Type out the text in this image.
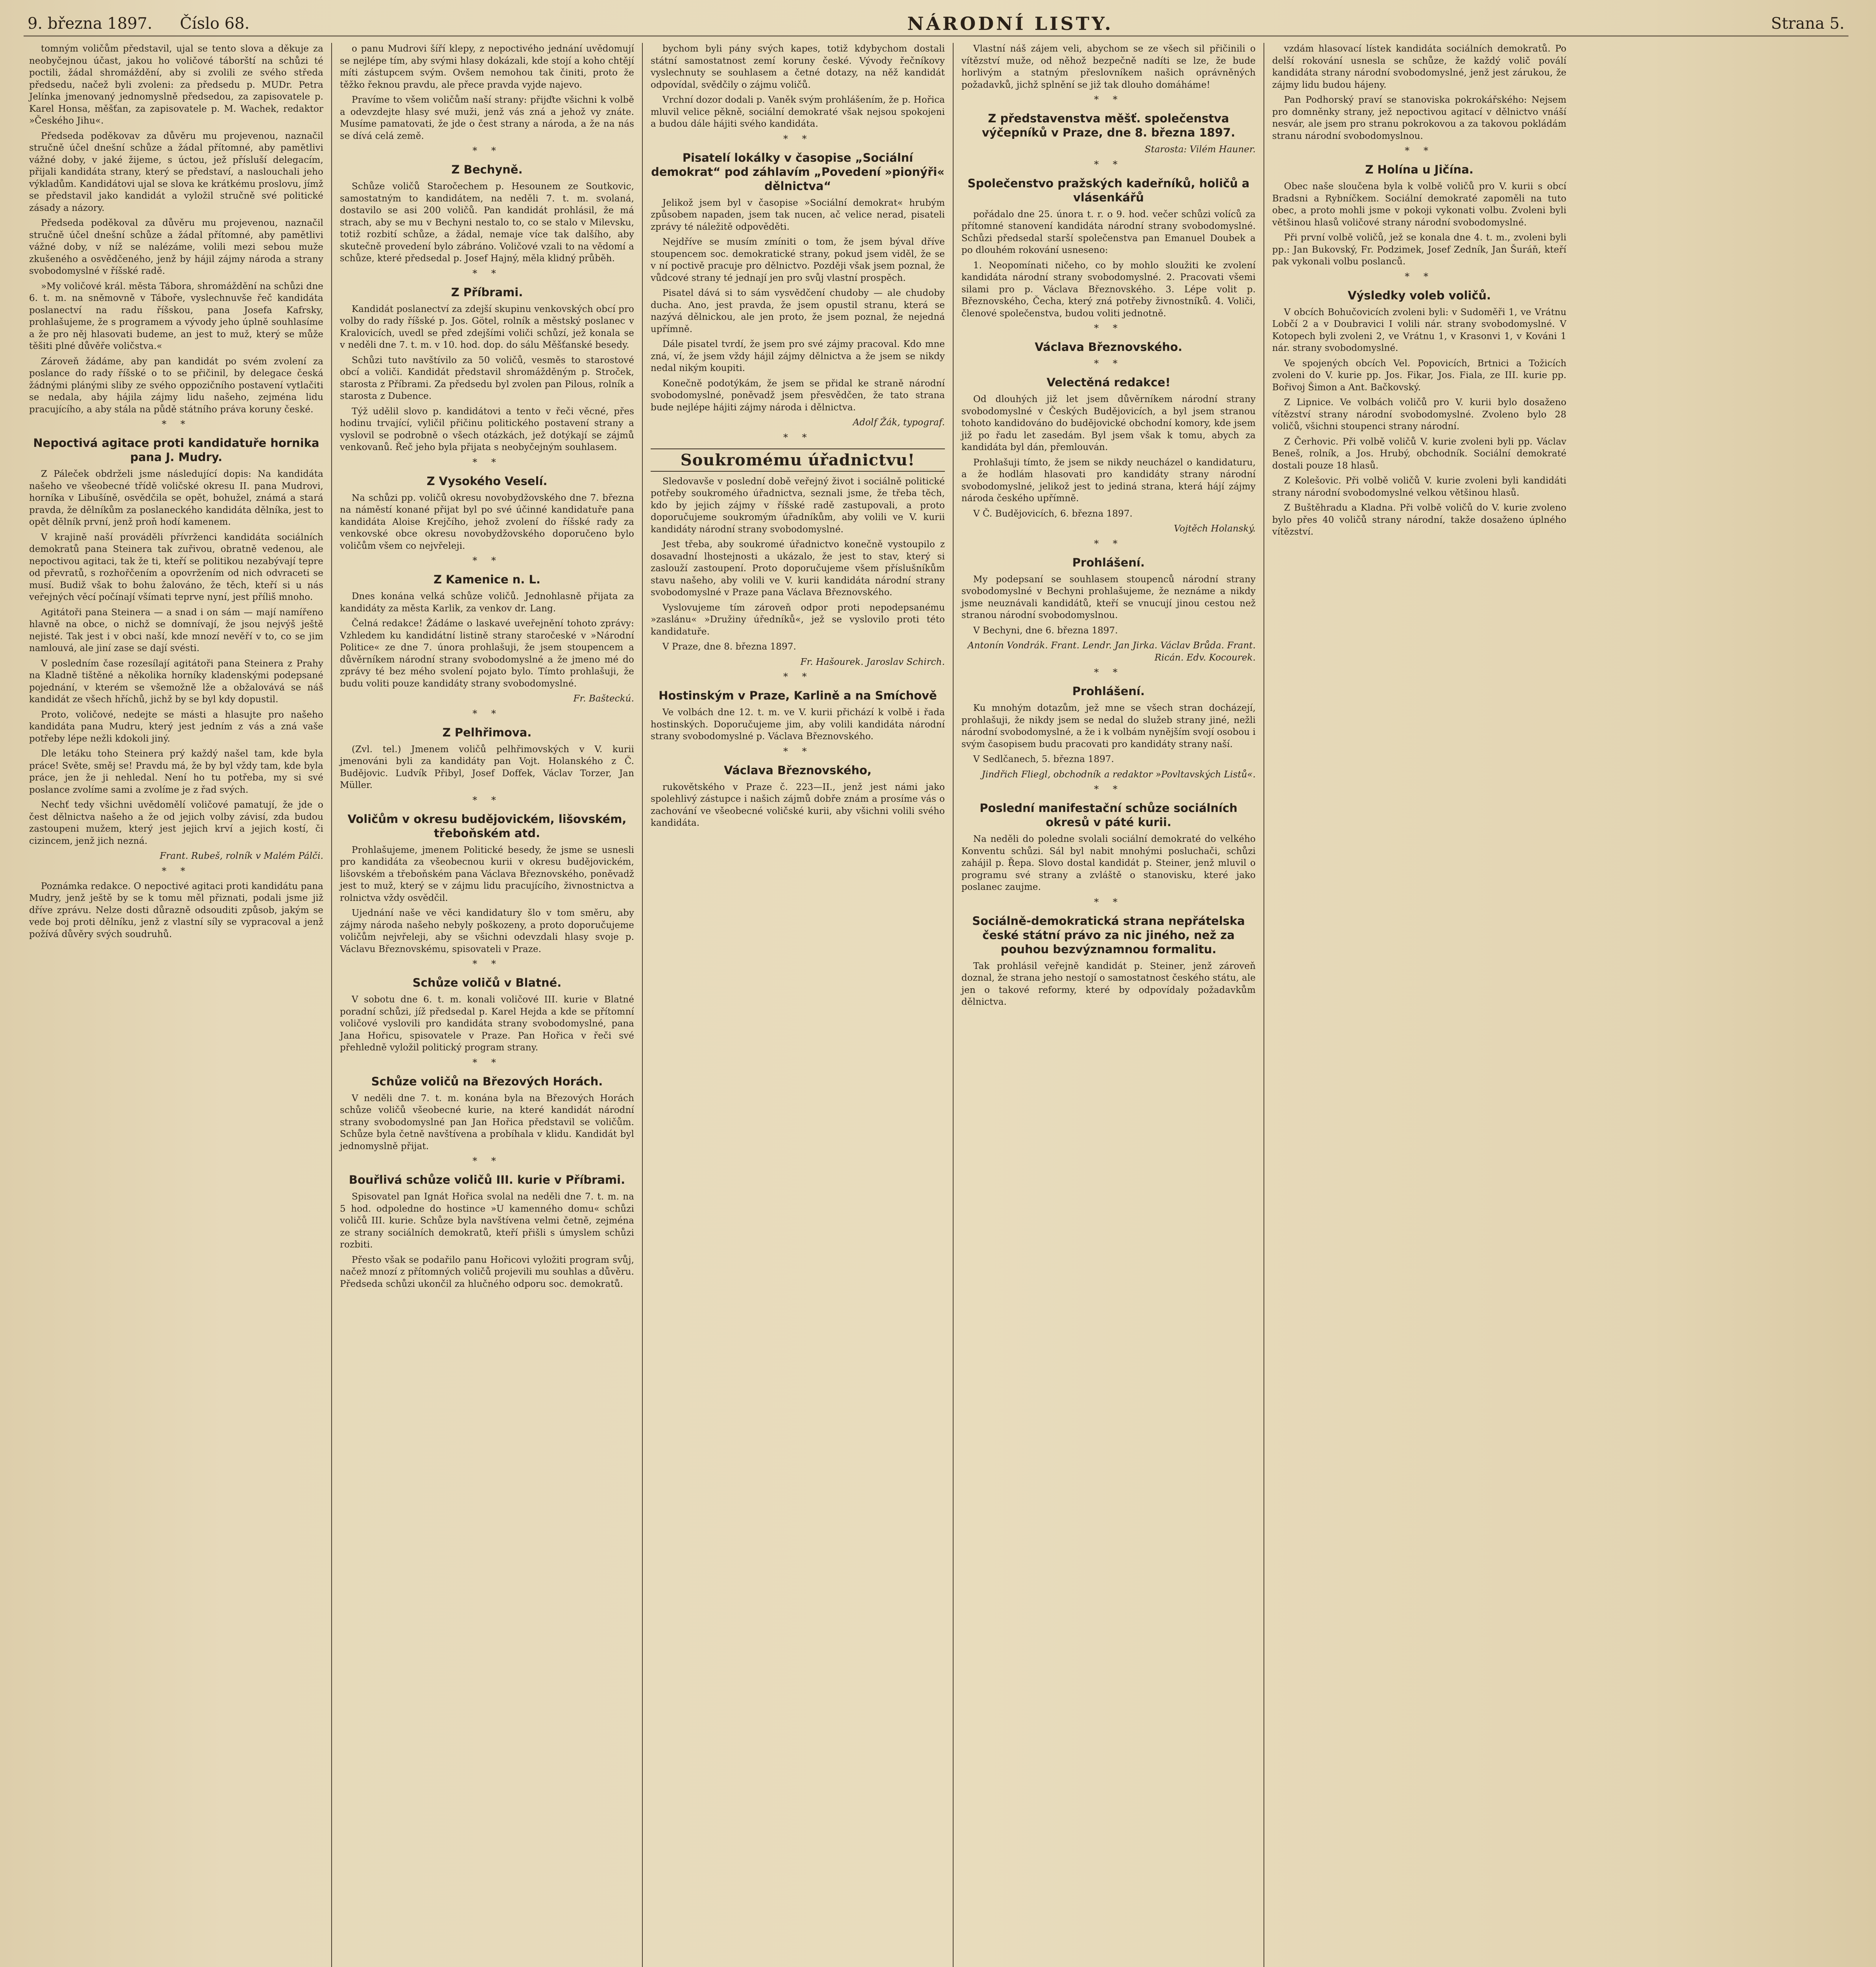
9. března 1897. Číslo 68.	NÁRODNÍ LISTY.	Strana 5.

tomným voličům představil, ujal se tento slova a děkuje za neobyčejnou účast, jakou ho voličové táborští na schůzi té poctili, žádal shromáždění, aby si zvolili ze svého středa předsedu, načež byli zvoleni: za předsedu p. MUDr. Petra Jelínka jmenovaný jednomyslně předsedou, za zapisovatele p. Karel Honsa, měšťan, za zapisovatele p. M. Wachek, redaktor »Českého Jihu«.

Předseda poděkovav za důvěru mu projevenou, naznačil stručně účel dnešní schůze a žádal přítomné, aby pamětlivi vážné doby, v jaké žijeme, s úctou, jež přísluší delegacím, přijali kandidáta strany, který se představí, a naslouchali jeho výkladům. Kandidátovi ujal se slova ke krátkému proslovu, jímž se představil jako kandidát a vyložil stručně své politické zásady a názory.

Předseda poděkoval za důvěru mu projevenou, naznačil stručně účel dnešní schůze a žádal přítomné, aby pamětlivi vážné doby, v níž se nalézáme, volili mezi sebou muže zkušeného a osvědčeného, jenž by hájil zájmy národa a strany svobodomyslné v říšské radě.

»My voličové král. města Tábora, shromáždění na schůzi dne 6. t. m. na sněmovně v Táboře, vyslechnuvše řeč kandidáta poslanectví na radu říšskou, pana Josefa Kafrsky, prohlašujeme, že s programem a vývody jeho úplně souhlasíme a že pro něj hlasovati budeme, an jest to muž, který se může těšiti plné důvěře voličstva.«

Zároveň žádáme, aby pan kandidát po svém zvolení za poslance do rady říšské o to se přičinil, by delegace česká žádnými plánými sliby ze svého oppozičního postavení vytlačiti se nedala, aby hájila zájmy lidu našeho, zejména lidu pracujícího, a aby stála na půdě státního práva koruny české.

* *
Nepoctivá agitace proti kandidatuře hornika pana J. Mudry.

Z Páleček obdrželi jsme následující dopis: Na kandidáta našeho ve všeobecné třídě voličské okresu II. pana Mudrovi, horníka v Libušíně, osvědčila se opět, bohužel, známá a stará pravda, že dělníkům za poslaneckého kandidáta dělníka, jest to opět dělník první, jenž proň hodí kamenem.

V krajině naší prováděli přívrženci kandidáta sociálních demokratů pana Steinera tak zuřivou, obratně vedenou, ale nepoctivou agitaci, tak že ti, kteří se politikou nezabývají tepre od převratů, s rozhořčením a opovržením od nich odvraceti se musí. Budiž však to bohu žalováno, že těch, kteří si u nás veřejných věcí počínají všímati teprve nyní, jest příliš mnoho.

Agitátoři pana Steinera — a snad i on sám — mají namířeno hlavně na obce, o nichž se domnívají, že jsou nejvýš ještě nejisté. Tak jest i v obci naší, kde mnozí nevěří v to, co se jim namlouvá, ale jiní zase se dají svésti.

V posledním čase rozesílají agitátoři pana Steinera z Prahy na Kladně tištěné a několika horníky kladenskými podepsané pojednání, v kterém se všemožně lže a obžalovává se náš kandidát ze všech hříchů, jichž by se byl kdy dopustil.

Proto, voličové, nedejte se másti a hlasujte pro našeho kandidáta pana Mudru, který jest jedním z vás a zná vaše potřeby lépe nežli kdokoli jiný.

Dle letáku toho Steinera prý každý našel tam, kde byla práce! Světe, směj se! Pravdu má, že by byl vždy tam, kde byla práce, jen že ji nehledal. Není ho tu potřeba, my si své poslance zvolíme sami a zvolíme je z řad svých.

Nechť tedy všichni uvědomělí voličové pamatují, že jde o čest dělnictva našeho a že od jejich volby závisí, zda budou zastoupeni mužem, který jest jejich krví a jejich kostí, či cizincem, jenž jich nezná.

Frant. Rubeš, rolník v Malém Pálči.

* *

Poznámka redakce. O nepoctivé agitaci proti kandidátu pana Mudry, jenž ještě by se k tomu měl přiznati, podali jsme již dříve zprávu. Nelze dosti důrazně odsouditi způsob, jakým se vede boj proti dělníku, jenž z vlastní síly se vypracoval a jenž požívá důvěry svých soudruhů.

o panu Mudrovi šíří klepy, z nepoctivého jednání uvědomují se nejlépe tím, aby svými hlasy dokázali, kde stojí a koho chtějí míti zástupcem svým. Ovšem nemohou tak činiti, proto že těžko řeknou pravdu, ale přece pravda vyjde najevo.

Pravíme to všem voličům naší strany: přijďte všichni k volbě a odevzdejte hlasy své muži, jenž vás zná a jehož vy znáte. Musíme pamatovati, že jde o čest strany a národa, a že na nás se dívá celá země.

* *
Z Bechyně.

Schůze voličů Staročechem p. Hesounem ze Soutkovic, samostatným to kandidátem, na neděli 7. t. m. svolaná, dostavilo se asi 200 voličů. Pan kandidát prohlásil, že má strach, aby se mu v Bechyni nestalo to, co se stalo v Milevsku, totiž rozbití schůze, a žádal, nemaje více tak dalšího, aby skutečně provedení bylo zábráno. Voličové vzali to na vědomí a schůze, které předsedal p. Josef Hajný, měla klidný průběh.

* *
Z Příbrami.

Kandidát poslanectví za zdejší skupinu venkovských obcí pro volby do rady říšské p. Jos. Götel, rolník a městský poslanec v Kralovicích, uvedl se před zdejšími voliči schůzí, jež konala se v neděli dne 7. t. m. v 10. hod. dop. do sálu Měšťanské besedy.

Schůzi tuto navštívilo za 50 voličů, vesměs to starostové obcí a voliči. Kandidát představil shromážděným p. Stroček, starosta z Příbrami. Za předsedu byl zvolen pan Pilous, rolník a starosta z Dubence.

Týž udělil slovo p. kandidátovi a tento v řeči věcné, přes hodinu trvající, vyličil přičinu politického postavení strany a vyslovil se podrobně o všech otázkách, jež dotýkají se zájmů venkovanů. Řeč jeho byla přijata s neobyčejným souhlasem.

* *
Z Vysokého Veselí.

Na schůzi pp. voličů okresu novobydžovského dne 7. března na náměstí konané přijat byl po své účinné kandidatuře pana kandidáta Aloise Krejčího, jehož zvolení do říšské rady za venkovské obce okresu novobydžovského doporučeno bylo voličům všem co nejvřeleji.

* *
Z Kamenice n. L.

Dnes konána velká schůze voličů. Jednohlasně přijata za kandidáty za města Karlik, za venkov dr. Lang.

Čelná redakce! Žádáme o laskavé uveřejnění tohoto zprávy: Vzhledem ku kandidátní listině strany staročeské v »Národní Politice« ze dne 7. února prohlašuji, že jsem stoupencem a důvěrníkem národní strany svobodomyslné a že jmeno mé do zprávy té bez mého svolení pojato bylo. Tímto prohlašuji, že budu voliti pouze kandidáty strany svobodomyslné.

Fr. Bašteckú.

* *
Z Pelhřimova.

(Zvl. tel.) Jmenem voličů pelhřimovských v V. kurii jmenováni byli za kandidáty pan Vojt. Holanského z Č. Budějovic. Ludvík Přibyl, Josef Doffek, Václav Torzer, Jan Müller.

* *
Voličům v okresu budějovickém, lišovském, třeboňském atd.

Prohlašujeme, jmenem Politické besedy, že jsme se usnesli pro kandidáta za všeobecnou kurii v okresu budějovickém, lišovském a třeboňském pana Václava Březnovského, poněvadž jest to muž, který se v zájmu lidu pracujícího, živnostnictva a rolnictva vždy osvědčil.

Ujednání naše ve věci kandidatury šlo v tom směru, aby zájmy národa našeho nebyly poškozeny, a proto doporučujeme voličům nejvřeleji, aby se všichni odevzdali hlasy svoje p. Václavu Březnovskému, spisovateli v Praze.

* *
Schůze voličů v Blatné.

V sobotu dne 6. t. m. konali voličové III. kurie v Blatné poradní schůzi, jíž předsedal p. Karel Hejda a kde se přítomní voličové vyslovili pro kandidáta strany svobodomyslné, pana Jana Hořicu, spisovatele v Praze. Pan Hořica v řeči své přehledně vyložil politický program strany.

* *
Schůze voličů na Březových Horách.

V neděli dne 7. t. m. konána byla na Březových Horách schůze voličů všeobecné kurie, na které kandidát národní strany svobodomyslné pan Jan Hořica představil se voličům. Schůze byla četně navštívena a probíhala v klidu. Kandidát byl jednomyslně přijat.

* *
Bouřlivá schůze voličů III. kurie v Příbrami.

Spisovatel pan Ignát Hořica svolal na neděli dne 7. t. m. na 5 hod. odpoledne do hostince »U kamenného domu« schůzi voličů III. kurie. Schůze byla navštívena velmi četně, zejména ze strany sociálních demokratů, kteří přišli s úmyslem schůzi rozbiti.

Přesto však se podařilo panu Hořicovi vyložiti program svůj, načež mnozí z přítomných voličů projevili mu souhlas a důvěru. Předseda schůzi ukončil za hlučného odporu soc. demokratů.

bychom byli pány svých kapes, totiž kdybychom dostali státní samostatnost zemí koruny české. Vývody řečníkovy vyslechnuty se souhlasem a četné dotazy, na něž kandidát odpovídal, svědčily o zájmu voličů.

Vrchní dozor dodali p. Vaněk svým prohlášením, že p. Hořica mluvil velice pěkně, sociální demokraté však nejsou spokojeni a budou dále hájiti svého kandidáta.

* *
Pisatelí lokálky v časopise „Sociální demokrat“ pod záhlavím „Povedení »pionýři« dělnictva“

Jelikož jsem byl v časopise »Sociální demokrat« hrubým způsobem napaden, jsem tak nucen, ač velice nerad, pisateli zprávy té náležitě odpověděti.

Nejdříve se musím zmíniti o tom, že jsem býval dříve stoupencem soc. demokratické strany, pokud jsem viděl, že se v ní poctivě pracuje pro dělnictvo. Později však jsem poznal, že vůdcové strany té jednají jen pro svůj vlastní prospěch.

Pisatel dává si to sám vysvědčení chudoby — ale chudoby ducha. Ano, jest pravda, že jsem opustil stranu, která se nazývá dělnickou, ale jen proto, že jsem poznal, že nejedná upřímně.

Dále pisatel tvrdí, že jsem pro své zájmy pracoval. Kdo mne zná, ví, že jsem vždy hájil zájmy dělnictva a že jsem se nikdy nedal nikým koupiti.

Konečně podotýkám, že jsem se přidal ke straně národní svobodomyslné, poněvadž jsem přesvědčen, že tato strana bude nejlépe hájiti zájmy národa i dělnictva.

Adolf Žák, typograf.

* *
Soukromému úřadnictvu!

Sledovavše v poslední době veřejný život i sociálně politické potřeby soukromého úřadnictva, seznali jsme, že třeba těch, kdo by jejich zájmy v říšské radě zastupovali, a proto doporučujeme soukromým úřadníkům, aby volili ve V. kurii kandidáty národní strany svobodomyslné.

Jest třeba, aby soukromé úřadnictvo konečně vystoupilo z dosavadní lhostejnosti a ukázalo, že jest to stav, který si zaslouží zastoupení. Proto doporučujeme všem příslušníkům stavu našeho, aby volili ve V. kurii kandidáta národní strany svobodomyslné v Praze pana Václava Březnovského.

Vyslovujeme tím zároveň odpor proti nepodepsanému »zaslánu« »Družiny úředníků«, jež se vyslovilo proti této kandidatuře.

V Praze, dne 8. března 1897.

Fr. Hašourek. Jaroslav Schirch.

* *
Hostinským v Praze, Karlině a na Smíchově

Ve volbách dne 12. t. m. ve V. kurii přichází k volbě i řada hostinských. Doporučujeme jim, aby volili kandidáta národní strany svobodomyslné p. Václava Březnovského.

* *
Václava Březnovského,

rukovětského v Praze č. 223—II., jenž jest námi jako spolehlivý zástupce i našich zájmů dobře znám a prosíme vás o zachování ve všeobecné voličské kurii, aby všichni volili svého kandidáta.

Vlastní náš zájem veli, abychom se ze všech sil přičinili o vítězství muže, od něhož bezpečně nadíti se lze, že bude horlivým a statným přeslovníkem našich oprávněných požadavků, jichž splnění se již tak dlouho domáháme!

* *
Z představenstva měšť. společenstva výčepníků v Praze, dne 8. března 1897.

Starosta: Vilém Hauner.

* *
Společenstvo pražských kadeřníků, holičů a vlásenkářů

pořádalo dne 25. února t. r. o 9. hod. večer schůzi volíců za přítomné stanovení kandidáta národní strany svobodomyslné. Schůzi předsedal starší společenstva pan Emanuel Doubek a po dlouhém rokování usneseno:

1. Neopomínati ničeho, co by mohlo sloužiti ke zvolení kandidáta národní strany svobodomyslné. 2. Pracovati všemi silami pro p. Václava Březnovského. 3. Lépe volit p. Březnovského, Čecha, který zná potřeby živnostníků. 4. Voliči, členové společenstva, budou voliti jednotně.

* *
Václava Březnovského.
* *
Velectěná redakce!

Od dlouhých již let jsem důvěrníkem národní strany svobodomyslné v Českých Budějovicích, a byl jsem stranou tohoto kandidováno do budějovické obchodní komory, kde jsem již po řadu let zasedám. Byl jsem však k tomu, abych za kandidáta byl dán, přemlouván.

Prohlašuji tímto, že jsem se nikdy neucházel o kandidaturu, a že hodlám hlasovati pro kandidáty strany národní svobodomyslné, jelikož jest to jediná strana, která hájí zájmy národa českého upřímně.

V Č. Budějovicích, 6. března 1897.

Vojtěch Holanský.

* *
Prohlášení.

My podepsaní se souhlasem stoupenců národní strany svobodomyslné v Bechyni prohlašujeme, že neznáme a nikdy jsme neuznávali kandidátů, kteří se vnucují jinou cestou než stranou národní svobodomyslnou.

V Bechyni, dne 6. března 1897.

Antonín Vondrák. Frant. Lendr. Jan Jirka. Václav Brůda. Frant. Ricán. Edv. Kocourek.

* *
Prohlášení.

Ku mnohým dotazům, jež mne se všech stran docházejí, prohlašuji, že nikdy jsem se nedal do služeb strany jiné, nežli národní svobodomyslné, a že i k volbám nynějším svojí osobou i svým časopisem budu pracovati pro kandidáty strany naší.

V Sedlčanech, 5. března 1897.

Jindřich Fliegl, obchodník a redaktor »Povltavských Listů«.

* *
Poslední manifestační schůze sociálních okresů v páté kurii.

Na neděli do poledne svolali sociální demokraté do velkého Konventu schůzi. Sál byl nabit mnohými posluchači, schůzi zahájil p. Řepa. Slovo dostal kandidát p. Steiner, jenž mluvil o programu své strany a zvláště o stanovisku, které jako poslanec zaujme.

* *
Sociálně-demokratická strana nepřátelska české státní právo za nic jiného, než za pouhou bezvýznamnou formalitu.

Tak prohlásil veřejně kandidát p. Steiner, jenž zároveň doznal, že strana jeho nestojí o samostatnost českého státu, ale jen o takové reformy, které by odpovídaly požadavkům dělnictva.

vzdám hlasovací lístek kandidáta sociálních demokratů. Po delší rokování usnesla se schůze, že každý volič poválí kandidáta strany národní svobodomyslné, jenž jest zárukou, že zájmy lidu budou hájeny.

Pan Podhorský praví se stanoviska pokrokářského: Nejsem pro domněnky strany, jež nepoctivou agitací v dělnictvo vnáší nesvár, ale jsem pro stranu pokrokovou a za takovou pokládám stranu národní svobodomyslnou.

* *
Z Holína u Jičína.

Obec naše sloučena byla k volbě voličů pro V. kurii s obcí Bradsni a Rybníčkem. Sociální demokraté zapoměli na tuto obec, a proto mohli jsme v pokoji vykonati volbu. Zvoleni byli většinou hlasů voličové strany národní svobodomyslné.

Při první volbě voličů, jež se konala dne 4. t. m., zvoleni byli pp.: Jan Bukovský, Fr. Podzimek, Josef Zedník, Jan Šuráň, kteří pak vykonali volbu poslanců.

* *
Výsledky voleb voličů.

V obcích Bohučovicích zvoleni byli: v Sudoměři 1, ve Vrátnu Lobčí 2 a v Doubravici I volili nár. strany svobodomyslné. V Kotopech byli zvoleni 2, ve Vrátnu 1, v Krasonvi 1, v Kováni 1 nár. strany svobodomyslné.

Ve spojených obcích Vel. Popovicích, Brtnici a Tožicích zvoleni do V. kurie pp. Jos. Fikar, Jos. Fiala, ze III. kurie pp. Bořivoj Šimon a Ant. Bačkovský.

Z Lipnice. Ve volbách voličů pro V. kurii bylo dosaženo vítězství strany národní svobodomyslné. Zvoleno bylo 28 voličů, všichni stoupenci strany národní.

Z Čerhovic. Při volbě voličů V. kurie zvoleni byli pp. Václav Beneš, rolník, a Jos. Hrubý, obchodník. Sociální demokraté dostali pouze 18 hlasů.

Z Kolešovic. Při volbě voličů V. kurie zvoleni byli kandidáti strany národní svobodomyslné velkou většinou hlasů.

Z Buštěhradu a Kladna. Při volbě voličů do V. kurie zvoleno bylo přes 40 voličů strany národní, takže dosaženo úplného vítězství.
